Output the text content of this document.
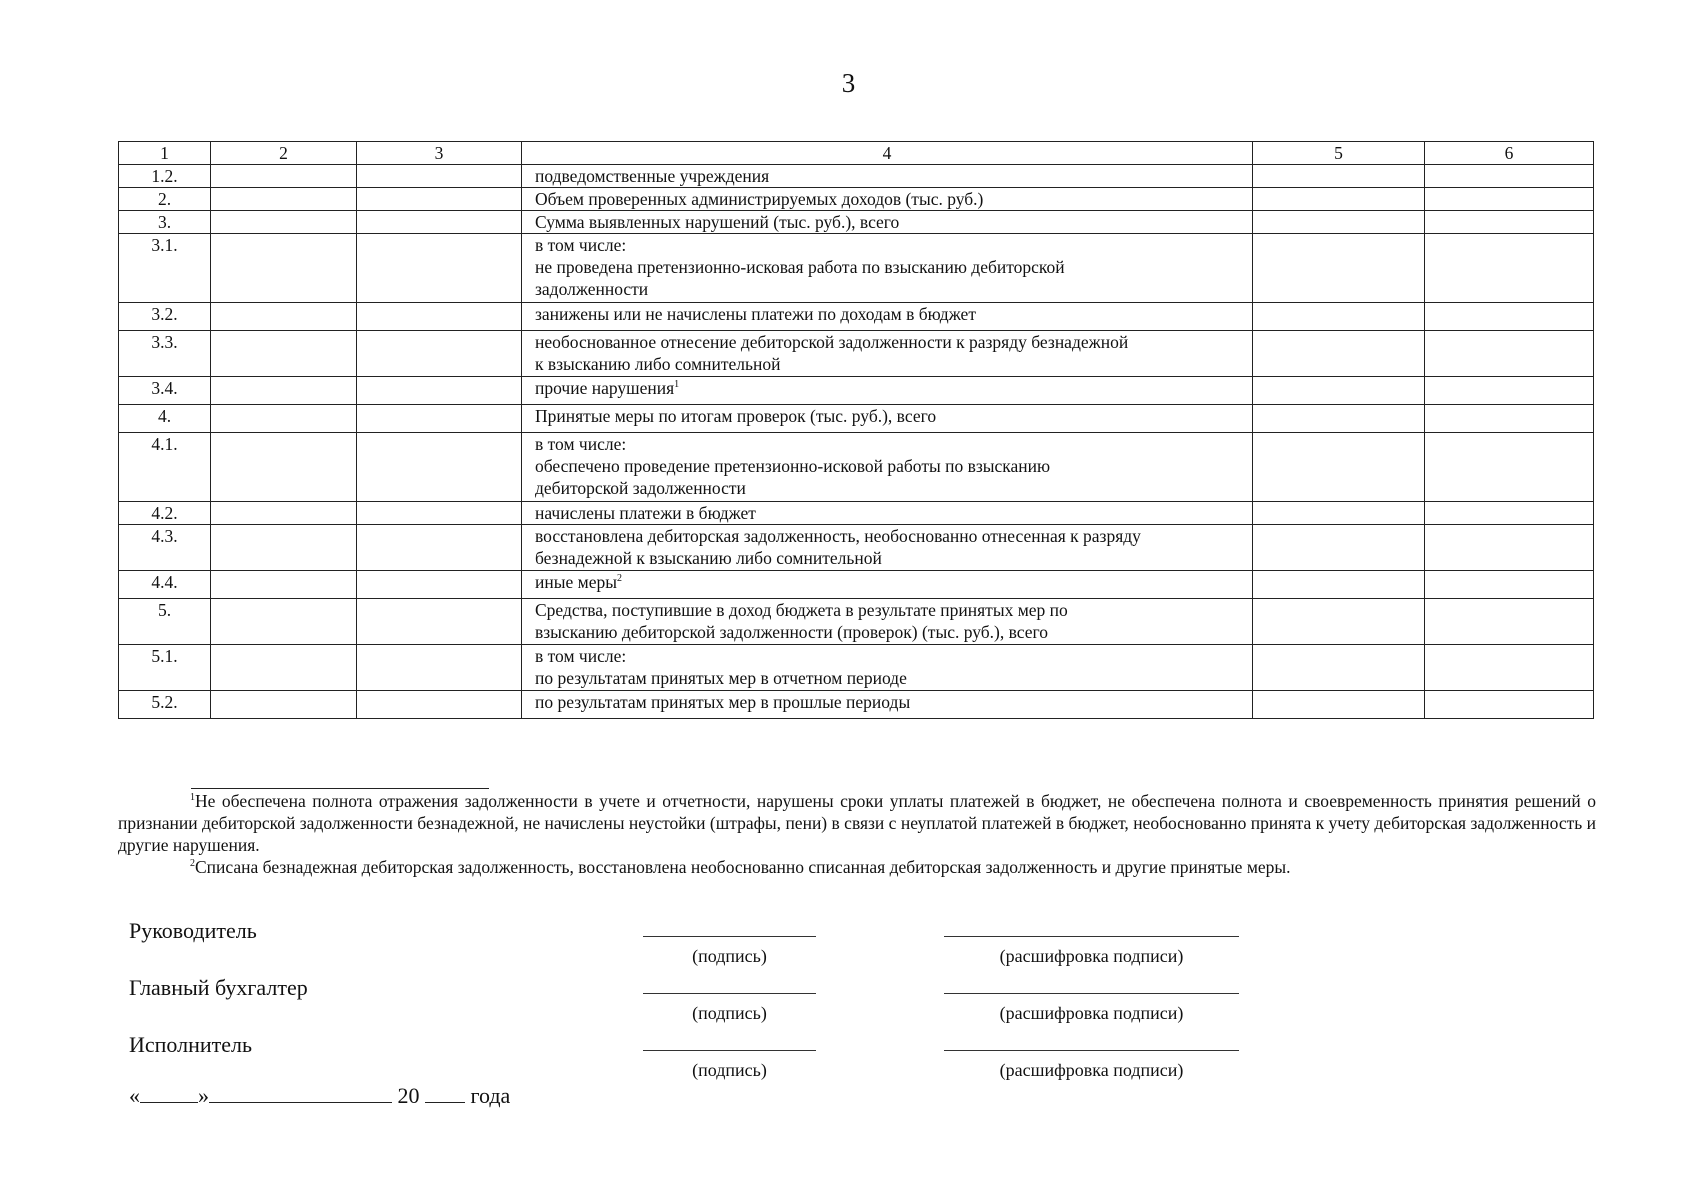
3
1	2	3	4	5	6
1.2.			подведомственные учреждения		

2.			Объем проверенных администрируемых доходов (тыс. руб.)		

3.			Сумма выявленных нарушений (тыс. руб.), всего		

3.1.			в том числе:
не проведена претензионно-исковая работа по взысканию дебиторской
задолженности		

3.2.			занижены или не начислены платежи по доходам в бюджет		

3.3.			необоснованное отнесение дебиторской задолженности к разряду безнадежной
к взысканию либо сомнительной		

3.4.			прочие нарушения$^1$

4.			Принятые меры по итогам проверок (тыс. руб.), всего		

4.1.			в том числе:
обеспечено проведение претензионно-исковой работы по взысканию
дебиторской задолженности		

4.2.			начислены платежи в бюджет		

4.3.			восстановлена дебиторская задолженность, необоснованно отнесенная к разряду
безнадежной к взысканию либо сомнительной		

4.4.			иные меры$^2$

5.			Средства, поступившие в доход бюджета в результате принятых мер по
взысканию дебиторской задолженности (проверок) (тыс. руб.), всего		

5.1.			в том числе:
по результатам принятых мер в отчетном периоде		

5.2.			по результатам принятых мер в прошлые периоды		

$^1$Не обеспечена полнота отражения задолженности в учете и отчетности, нарушены сроки уплаты платежей в бюджет, не обеспечена полнота и своевременность принятия решений о признании дебиторской задолженности безнадежной, не начислены неустойки (штрафы, пени) в связи с неуплатой платежей в бюджет, необоснованно принята к учету дебиторская задолженность и другие нарушения.

$^2$Списана безнадежная дебиторская задолженность, восстановлена необоснованно списанная дебиторская задолженность и другие принятые меры.

Руководитель
(подпись)	(расшифровка подписи)
Главный бухгалтер
(подпись)	(расшифровка подписи)
Исполнитель
(подпись)	(расшифровка подписи)
«	»	20 года
